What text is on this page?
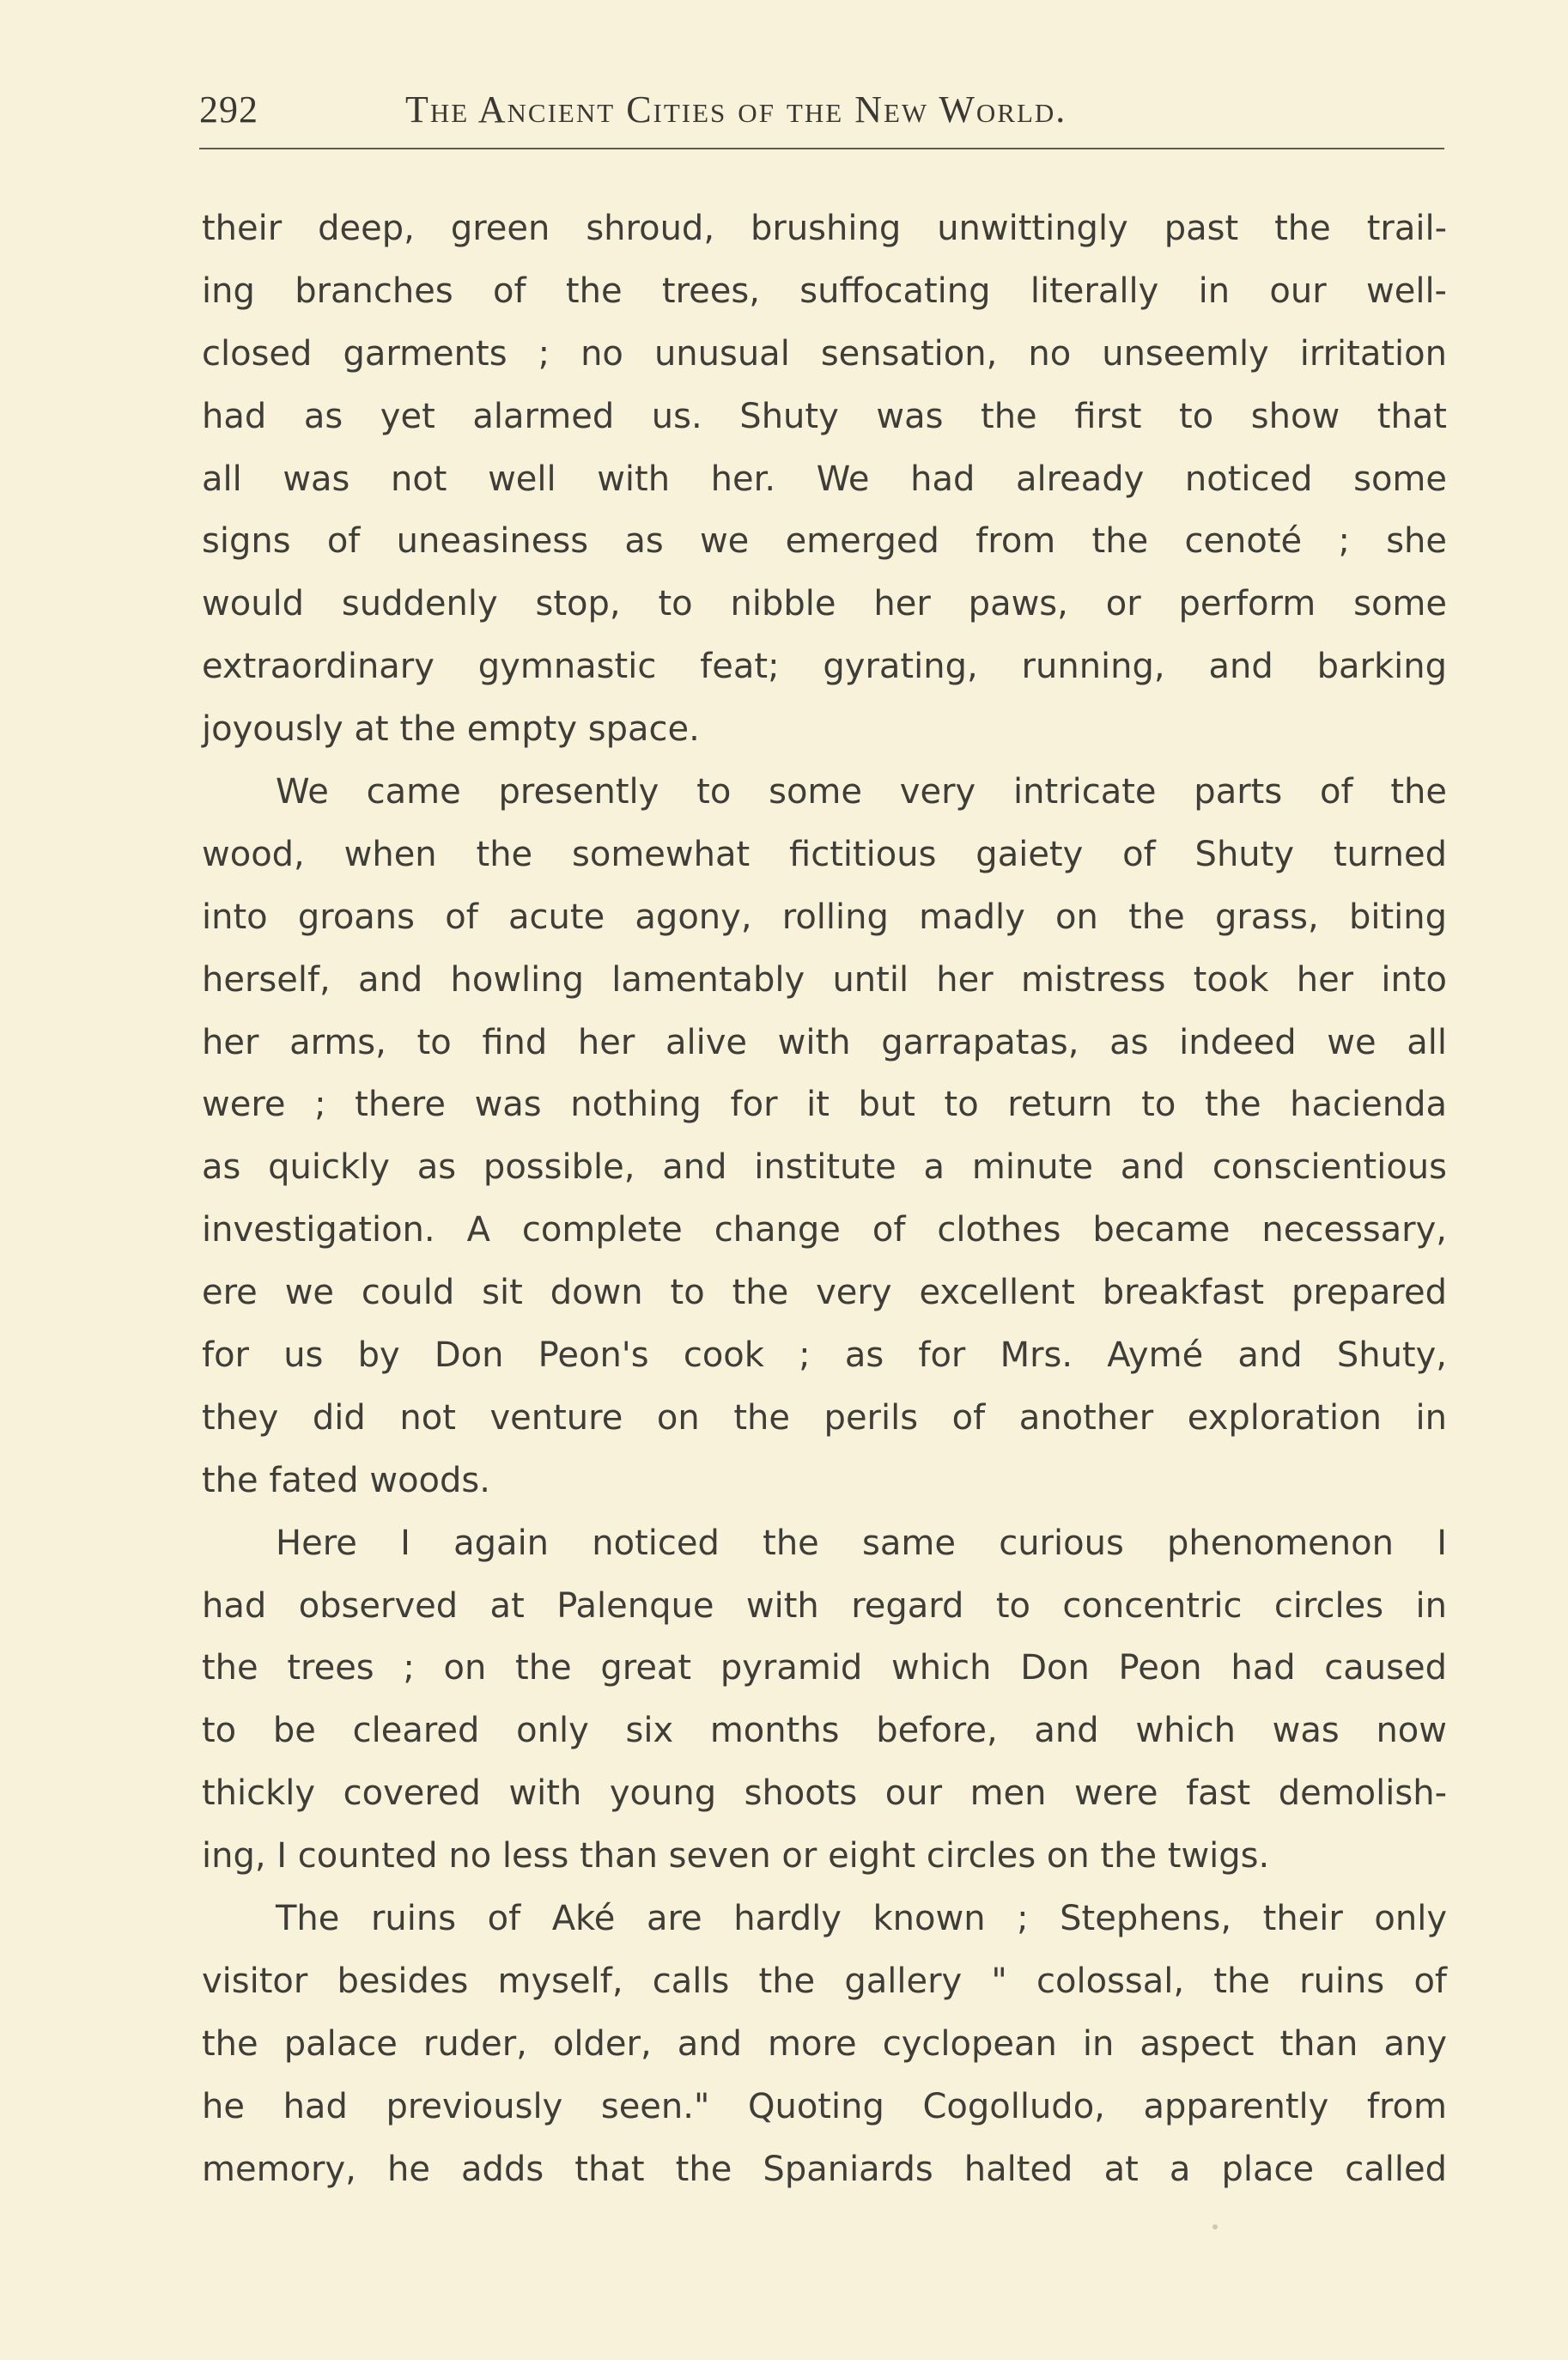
292	The Ancient Cities of the New World.
their deep, green shroud, brushing unwittingly past the trail-
ing branches of the trees, suffocating literally in our well-
closed garments ; no unusual sensation, no unseemly irritation
had as yet alarmed us. Shuty was the first to show that
all was not well with her. We had already noticed some
signs of uneasiness as we emerged from the cenoté ; she
would suddenly stop, to nibble her paws, or perform some
extraordinary gymnastic feat; gyrating, running, and barking
joyously at the empty space.
We came presently to some very intricate parts of the
wood, when the somewhat fictitious gaiety of Shuty turned
into groans of acute agony, rolling madly on the grass, biting
herself, and howling lamentably until her mistress took her into
her arms, to find her alive with garrapatas, as indeed we all
were ; there was nothing for it but to return to the hacienda
as quickly as possible, and institute a minute and conscientious
investigation. A complete change of clothes became necessary,
ere we could sit down to the very excellent breakfast prepared
for us by Don Peon's cook ; as for Mrs. Aymé and Shuty,
they did not venture on the perils of another exploration in
the fated woods.
Here I again noticed the same curious phenomenon I
had observed at Palenque with regard to concentric circles in
the trees ; on the great pyramid which Don Peon had caused
to be cleared only six months before, and which was now
thickly covered with young shoots our men were fast demolish-
ing, I counted no less than seven or eight circles on the twigs.
The ruins of Aké are hardly known ; Stephens, their only
visitor besides myself, calls the gallery " colossal, the ruins of
the palace ruder, older, and more cyclopean in aspect than any
he had previously seen." Quoting Cogolludo, apparently from
memory, he adds that the Spaniards halted at a place called
